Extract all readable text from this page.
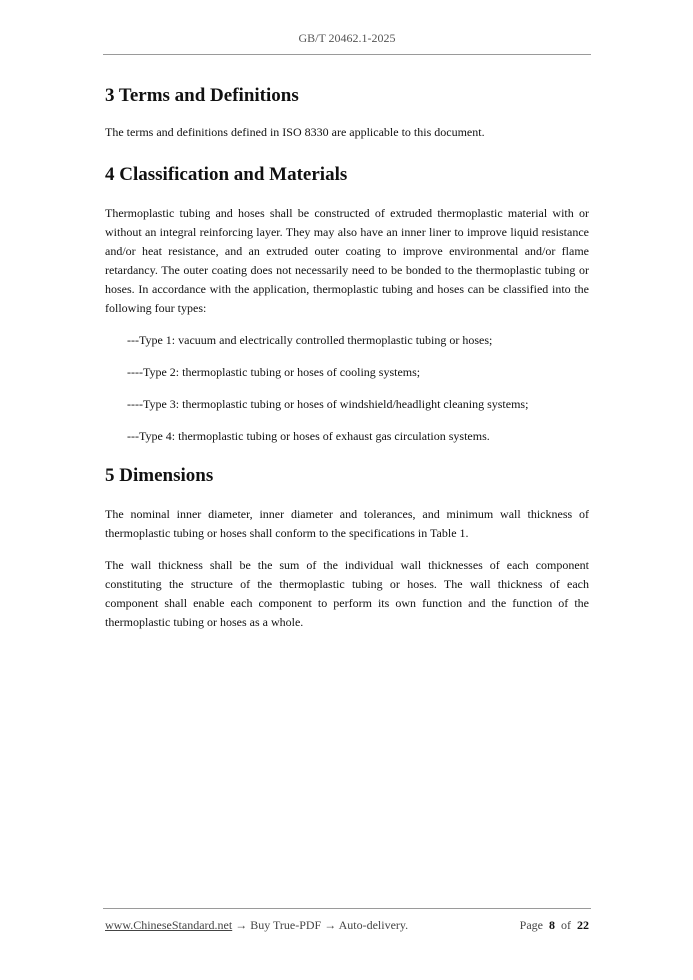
GB/T 20462.1-2025
3 Terms and Definitions

The terms and definitions defined in ISO 8330 are applicable to this document.

4 Classification and Materials

Thermoplastic tubing and hoses shall be constructed of extruded thermoplastic material with or without an integral reinforcing layer. They may also have an inner liner to improve liquid resistance and/or heat resistance, and an extruded outer coating to improve environmental and/or flame retardancy. The outer coating does not necessarily need to be bonded to the thermoplastic tubing or hoses. In accordance with the application, thermoplastic tubing and hoses can be classified into the following four types:

---Type 1: vacuum and electrically controlled thermoplastic tubing or hoses;
----Type 2: thermoplastic tubing or hoses of cooling systems;
----Type 3: thermoplastic tubing or hoses of windshield/headlight cleaning systems;
---Type 4: thermoplastic tubing or hoses of exhaust gas circulation systems.
5 Dimensions

The nominal inner diameter, inner diameter and tolerances, and minimum wall thickness of thermoplastic tubing or hoses shall conform to the specifications in Table 1.

The wall thickness shall be the sum of the individual wall thicknesses of each component constituting the structure of the thermoplastic tubing or hoses. The wall thickness of each component shall enable each component to perform its own function and the function of the thermoplastic tubing or hoses as a whole.

www.ChineseStandard.net → Buy True-PDF → Auto-delivery.	Page 8 of 22
